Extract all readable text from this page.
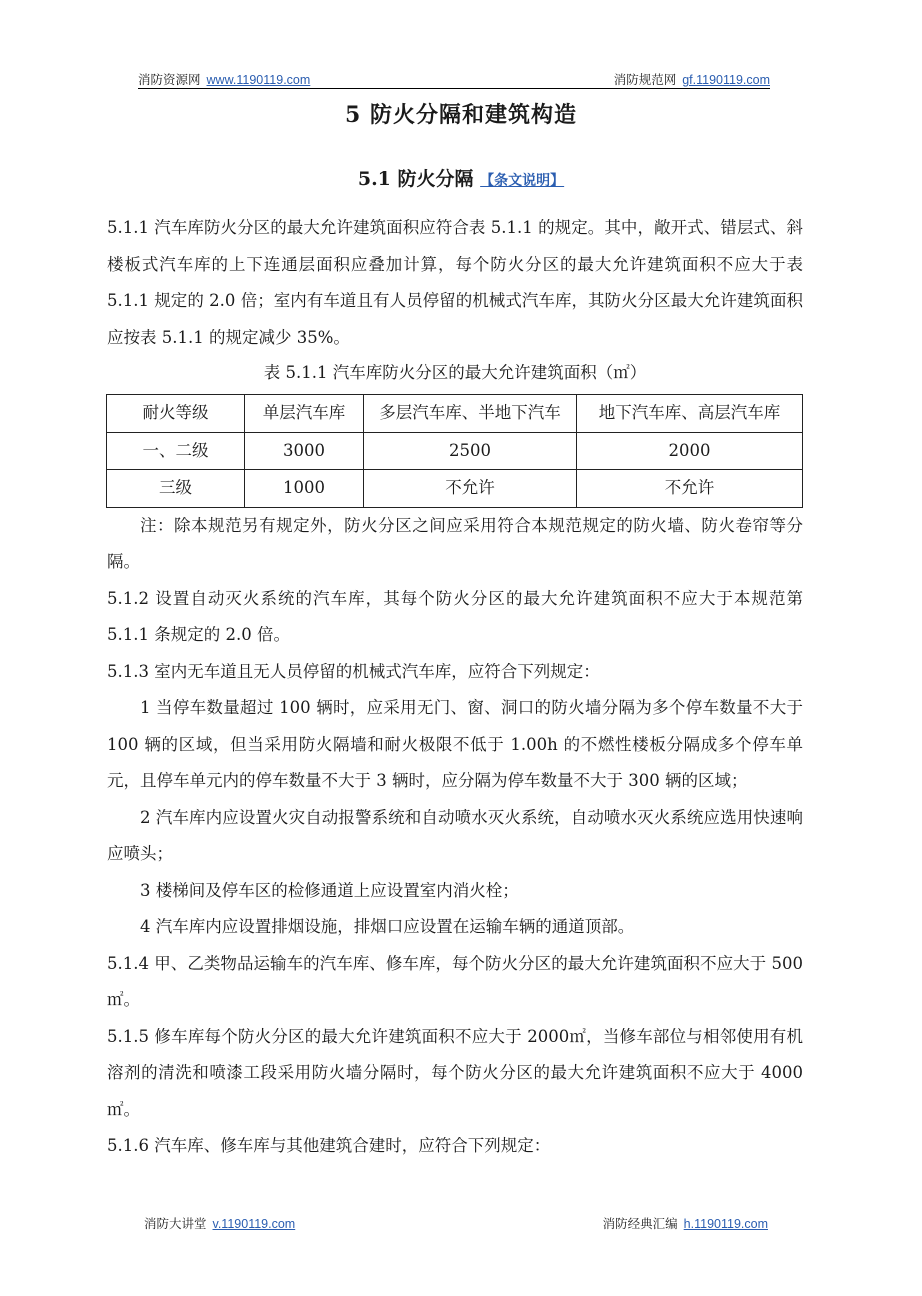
消防资源网 www.1190119.com	消防规范网 gf.1190119.com
5 防火分隔和建筑构造
5.1 防火分隔 【条文说明】

5.1.1 汽车库防火分区的最大允许建筑面积应符合表 5.1.1 的规定。其中，敞开式、错层式、斜楼板式汽车库的上下连通层面积应叠加计算，每个防火分区的最大允许建筑面积不应大于表 5.1.1 规定的 2.0 倍；室内有车道且有人员停留的机械式汽车库，其防火分区最大允许建筑面积应按表 5.1.1 的规定减少 35%。

表 5.1.1 汽车库防火分区的最大允许建筑面积（㎡）

耐火等级	单层汽车库	多层汽车库、半地下汽车	地下汽车库、高层汽车库
一、二级	3000	2500	2000
三级	1000	不允许	不允许

注：除本规范另有规定外，防火分区之间应采用符合本规范规定的防火墙、防火卷帘等分隔。

5.1.2 设置自动灭火系统的汽车库，其每个防火分区的最大允许建筑面积不应大于本规范第 5.1.1 条规定的 2.0 倍。

5.1.3 室内无车道且无人员停留的机械式汽车库，应符合下列规定：

1 当停车数量超过 100 辆时，应采用无门、窗、洞口的防火墙分隔为多个停车数量不大于 100 辆的区域，但当采用防火隔墙和耐火极限不低于 1.00h 的不燃性楼板分隔成多个停车单元，且停车单元内的停车数量不大于 3 辆时，应分隔为停车数量不大于 300 辆的区域；

2 汽车库内应设置火灾自动报警系统和自动喷水灭火系统，自动喷水灭火系统应选用快速响应喷头；

3 楼梯间及停车区的检修通道上应设置室内消火栓；

4 汽车库内应设置排烟设施，排烟口应设置在运输车辆的通道顶部。

5.1.4 甲、乙类物品运输车的汽车库、修车库，每个防火分区的最大允许建筑面积不应大于 500㎡。

5.1.5 修车库每个防火分区的最大允许建筑面积不应大于 2000㎡，当修车部位与相邻使用有机溶剂的清洗和喷漆工段采用防火墙分隔时，每个防火分区的最大允许建筑面积不应大于 4000㎡。

5.1.6 汽车库、修车库与其他建筑合建时，应符合下列规定：

消防大讲堂 v.1190119.com	消防经典汇编 h.1190119.com
